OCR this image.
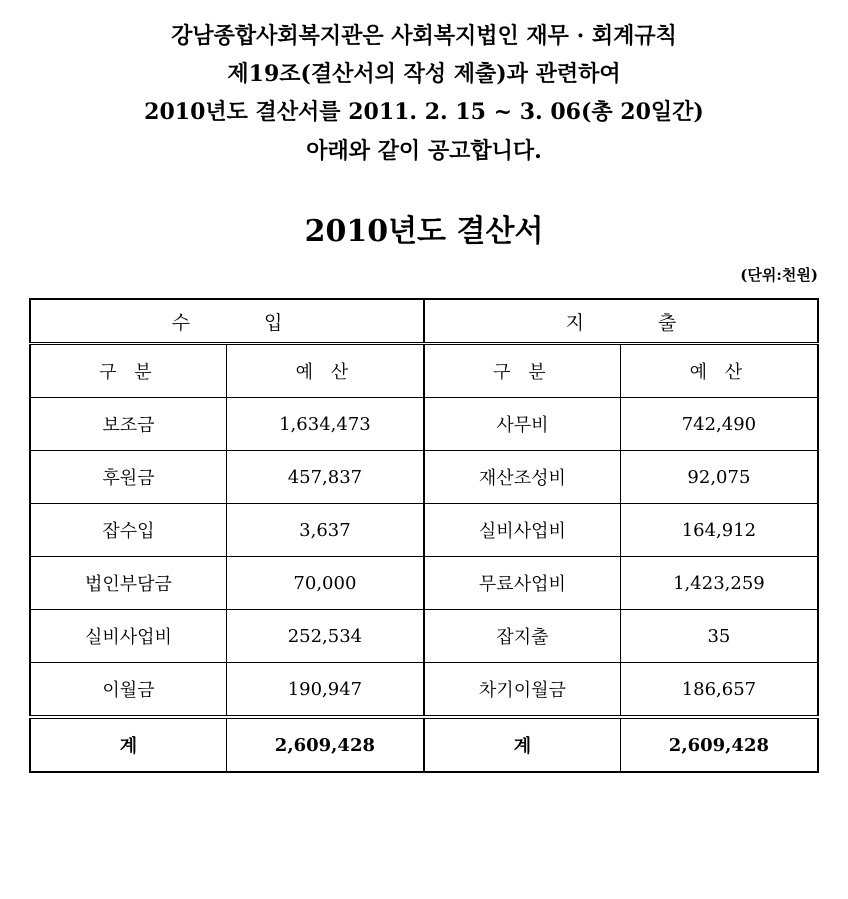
강남종합사회복지관은 사회복지법인 재무 · 회계규칙
제19조(결산서의 작성 제출)과 관련하여
2010년도 결산서를 2011. 2. 15 ~ 3. 06(총 20일간)
아래와 같이 공고합니다.
2010년도 결산서
(단위:천원)
수 입		지 출	
구 분	예 산	구 분	예 산
보조금	1,634,473	사무비	742,490
후원금	457,837	재산조성비	92,075
잡수입	3,637	실비사업비	164,912
법인부담금	70,000	무료사업비	1,423,259
실비사업비	252,534	잡지출	35
이월금	190,947	차기이월금	186,657
계	2,609,428	계	2,609,428
